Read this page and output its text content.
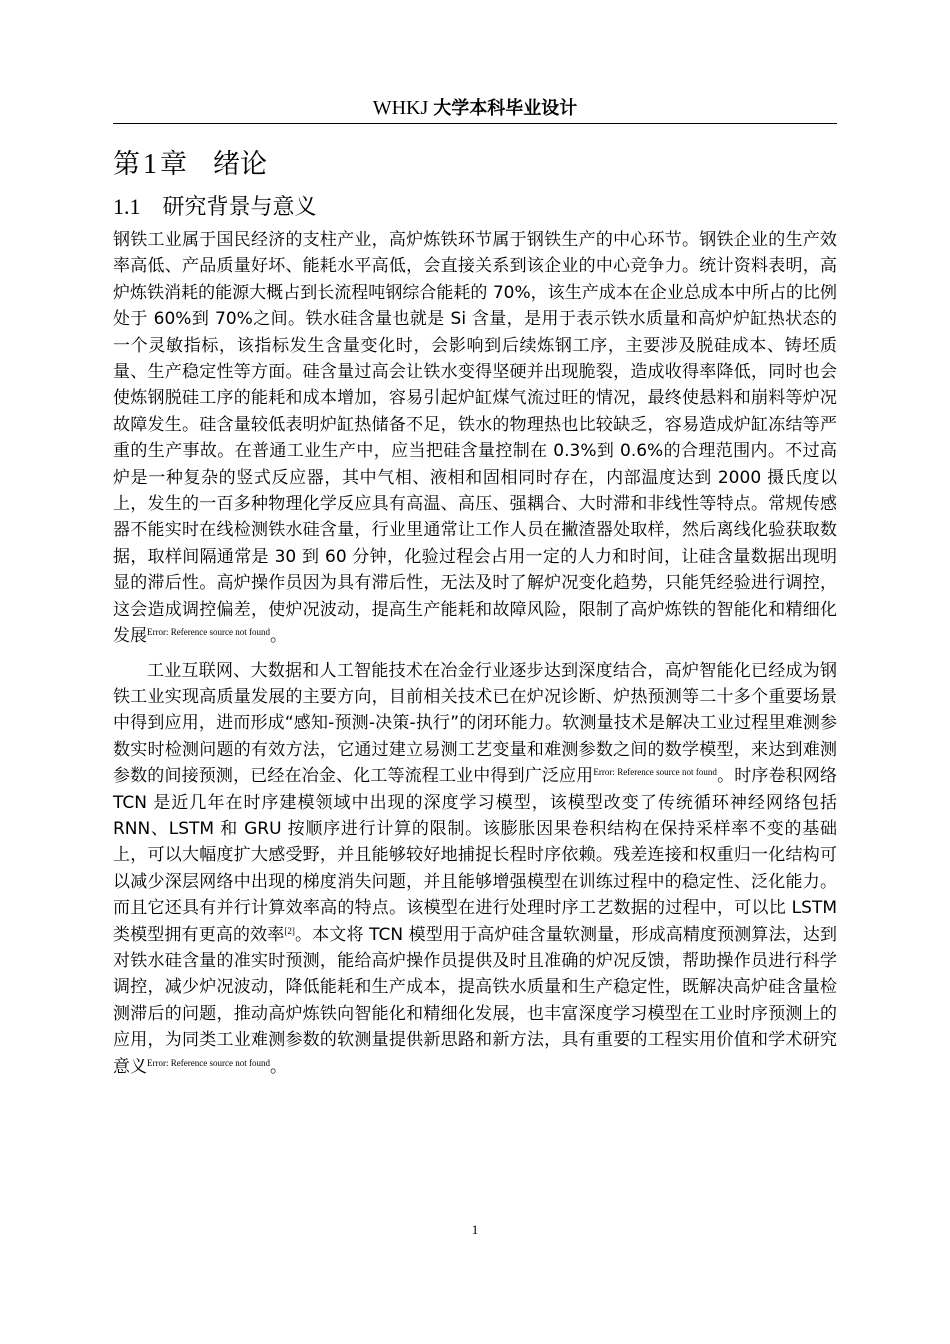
WHKJ 大学本科毕业设计
第 1 章 绪论
1.1 研究背景与意义

钢铁工业属于国民经济的支柱产业，高炉炼铁环节属于钢铁生产的中心环节。钢铁企业的生产效率高低、产品质量好坏、能耗水平高低，会直接关系到该企业的中心竞争力。统计资料表明，高炉炼铁消耗的能源大概占到长流程吨钢综合能耗的 70%，该生产成本在企业总成本中所占的比例处于 60%到 70%之间。铁水硅含量也就是 Si 含量，是用于表示铁水质量和高炉炉缸热状态的一个灵敏指标，该指标发生含量变化时，会影响到后续炼钢工序，主要涉及脱硅成本、铸坯质量、生产稳定性等方面。硅含量过高会让铁水变得坚硬并出现脆裂，造成收得率降低，同时也会使炼钢脱硅工序的能耗和成本增加，容易引起炉缸煤气流过旺的情况，最终使悬料和崩料等炉况故障发生。硅含量较低表明炉缸热储备不足，铁水的物理热也比较缺乏，容易造成炉缸冻结等严重的生产事故。在普通工业生产中，应当把硅含量控制在 0.3%到 0.6%的合理范围内。不过高炉是一种复杂的竖式反应器，其中气相、液相和固相同时存在，内部温度达到 2000 摄氏度以上，发生的一百多种物理化学反应具有高温、高压、强耦合、大时滞和非线性等特点。常规传感器不能实时在线检测铁水硅含量，行业里通常让工作人员在撇渣器处取样，然后离线化验获取数据，取样间隔通常是 30 到 60 分钟，化验过程会占用一定的人力和时间，让硅含量数据出现明显的滞后性。高炉操作员因为具有滞后性，无法及时了解炉况变化趋势，只能凭经验进行调控，这会造成调控偏差，使炉况波动，提高生产能耗和故障风险，限制了高炉炼铁的智能化和精细化发展$^{Error: Reference source not found}$。

工业互联网、大数据和人工智能技术在冶金行业逐步达到深度结合，高炉智能化已经成为钢铁工业实现高质量发展的主要方向，目前相关技术已在炉况诊断、炉热预测等二十多个重要场景中得到应用，进而形成“感知-预测-决策-执行”的闭环能力。软测量技术是解决工业过程里难测参数实时检测问题的有效方法，它通过建立易测工艺变量和难测参数之间的数学模型，来达到难测参数的间接预测，已经在冶金、化工等流程工业中得到广泛应用$^{Error: Reference source not found}$。时序卷积网络 TCN 是近几年在时序建模领域中出现的深度学习模型，该模型改变了传统循环神经网络包括 RNN、LSTM 和 GRU 按顺序进行计算的限制。该膨胀因果卷积结构在保持采样率不变的基础上，可以大幅度扩大感受野，并且能够较好地捕捉长程时序依赖。残差连接和权重归一化结构可以减少深层网络中出现的梯度消失问题，并且能够增强模型在训练过程中的稳定性、泛化能力。而且它还具有并行计算效率高的特点。该模型在进行处理时序工艺数据的过程中，可以比 LSTM 类模型拥有更高的效率[2]。本文将 TCN 模型用于高炉硅含量软测量，形成高精度预测算法，达到对铁水硅含量的准实时预测，能给高炉操作员提供及时且准确的炉况反馈，帮助操作员进行科学调控，减少炉况波动，降低能耗和生产成本，提高铁水质量和生产稳定性，既解决高炉硅含量检测滞后的问题，推动高炉炼铁向智能化和精细化发展，也丰富深度学习模型在工业时序预测上的应用，为同类工业难测参数的软测量提供新思路和新方法，具有重要的工程实用价值和学术研究意义$^{Error: Reference source not found}$。

1
